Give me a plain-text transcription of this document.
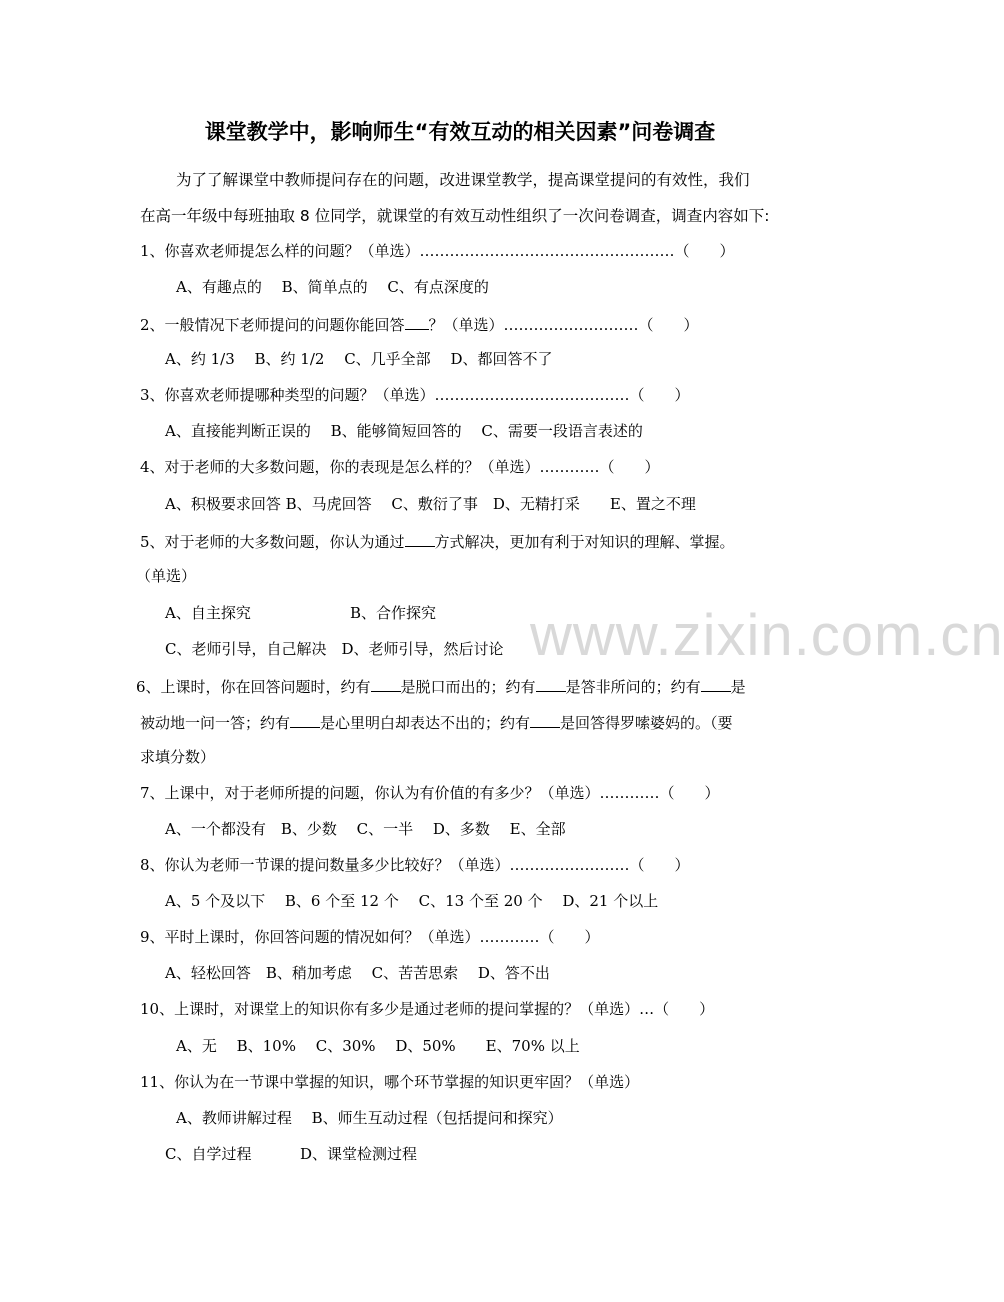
www.zixin.com.cn
课堂教学中，影响师生“有效互动的相关因素”问卷调查
为了了解课堂中教师提问存在的问题，改进课堂教学，提高课堂提问的有效性，我们
在高一年级中每班抽取 8 位同学，就课堂的有效互动性组织了一次问卷调查，调查内容如下:
1、你喜欢老师提怎么样的问题？（单选）……………………………………………（　　）
A、有趣点的　 B、简单点的　 C、有点深度的
2、一般情况下老师提问的问题你能回答 ？（单选）………………………（　　）
A、约 1/3　 B、约 1/2　 C、几乎全部　 D、都回答不了
3、你喜欢老师提哪种类型的问题？（单选）…………………………………（　　）
A、直接能判断正误的　 B、能够简短回答的　 C、需要一段语言表述的
4、对于老师的大多数问题，你的表现是怎么样的？（单选）…………（　　）
A、积极要求回答 B、马虎回答　 C、敷衍了事　D、无精打采　　E、置之不理
5、对于老师的大多数问题，你认为通过 方式解决，更加有利于对知识的理解、掌握。
（单选）
A、自主探究	B、合作探究
C、老师引导，自己解决　D、老师引导，然后讨论
6、上课时，你在回答问题时，约有 是脱口而出的；约有 是答非所问的；约有 是
被动地一问一答；约有 是心里明白却表达不出的；约有 是回答得罗嗦婆妈的。（要
求填分数）
7、上课中，对于老师所提的问题，你认为有价值的有多少？（单选）…………（　　）
A、一个都没有　B、少数　 C、一半　 D、多数　 E、全部
8、你认为老师一节课的提问数量多少比较好？（单选）……………………（　　）
A、5 个及以下　 B、6 个至 12 个　 C、13 个至 20 个　 D、21 个以上
9、平时上课时，你回答问题的情况如何？（单选）…………（　　）
A、轻松回答　B、稍加考虑　 C、苦苦思索　 D、答不出
10、上课时，对课堂上的知识你有多少是通过老师的提问掌握的？（单选）…（　　）
A、无　 B、10%　 C、30%　 D、50%　　E、70% 以上
11、你认为在一节课中掌握的知识，哪个环节掌握的知识更牢固？（单选）
A、教师讲解过程　 B、师生互动过程（包括提问和探究）
C、自学过程	D、课堂检测过程
